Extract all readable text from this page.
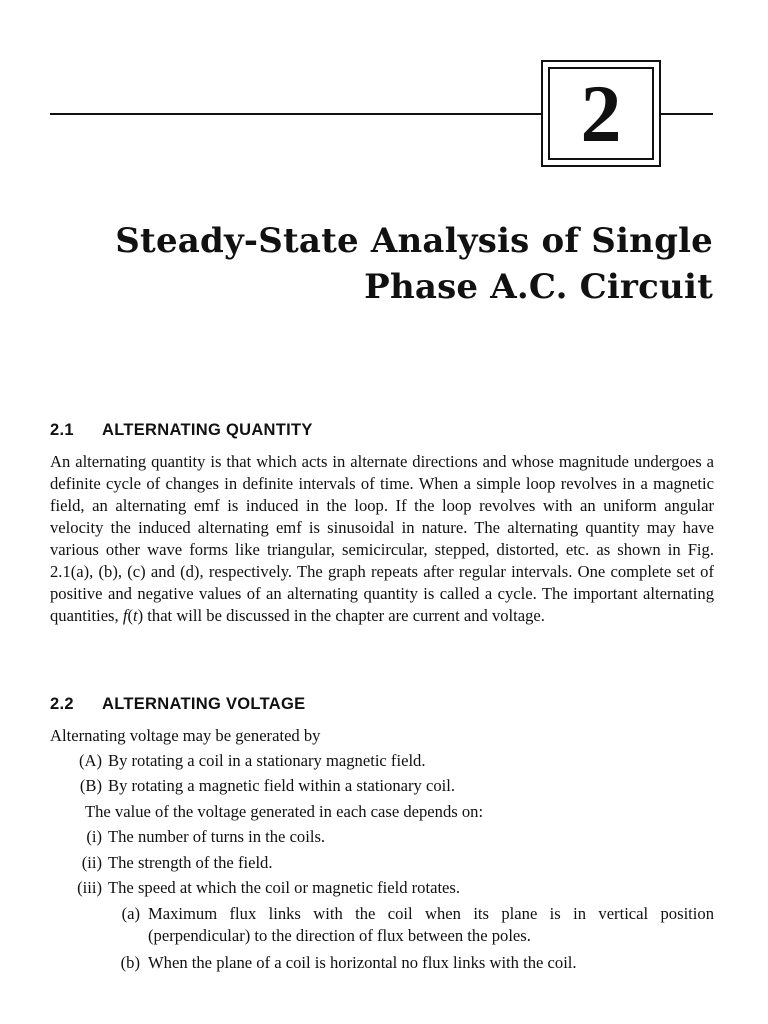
2
Steady-State Analysis of Single
Phase A.C. Circuit
2.1 ALTERNATING QUANTITY
An alternating quantity is that which acts in alternate directions and whose magnitude undergoes a definite cycle of changes in definite intervals of time. When a simple loop revolves in a magnetic field, an alternating emf is induced in the loop. If the loop revolves with an uniform angular velocity the induced alternating emf is sinusoidal in nature. The alternating quantity may have various other wave forms like triangular, semicircular, stepped, distorted, etc. as shown in Fig. 2.1(a), (b), (c) and (d), respectively. The graph repeats after regular intervals. One complete set of positive and negative values of an alternating quantity is called a cycle. The important alternating quantities, f(t) that will be discussed in the chapter are current and voltage.
2.2 ALTERNATING VOLTAGE
Alternating voltage may be generated by
(A) By rotating a coil in a stationary magnetic field.
(B) By rotating a magnetic field within a stationary coil.
The value of the voltage generated in each case depends on:
(i) The number of turns in the coils.
(ii) The strength of the field.
(iii) The speed at which the coil or magnetic field rotates.
(a) Maximum flux links with the coil when its plane is in vertical position (perpendicular) to the direction of flux between the poles.
(b) When the plane of a coil is horizontal no flux links with the coil.
